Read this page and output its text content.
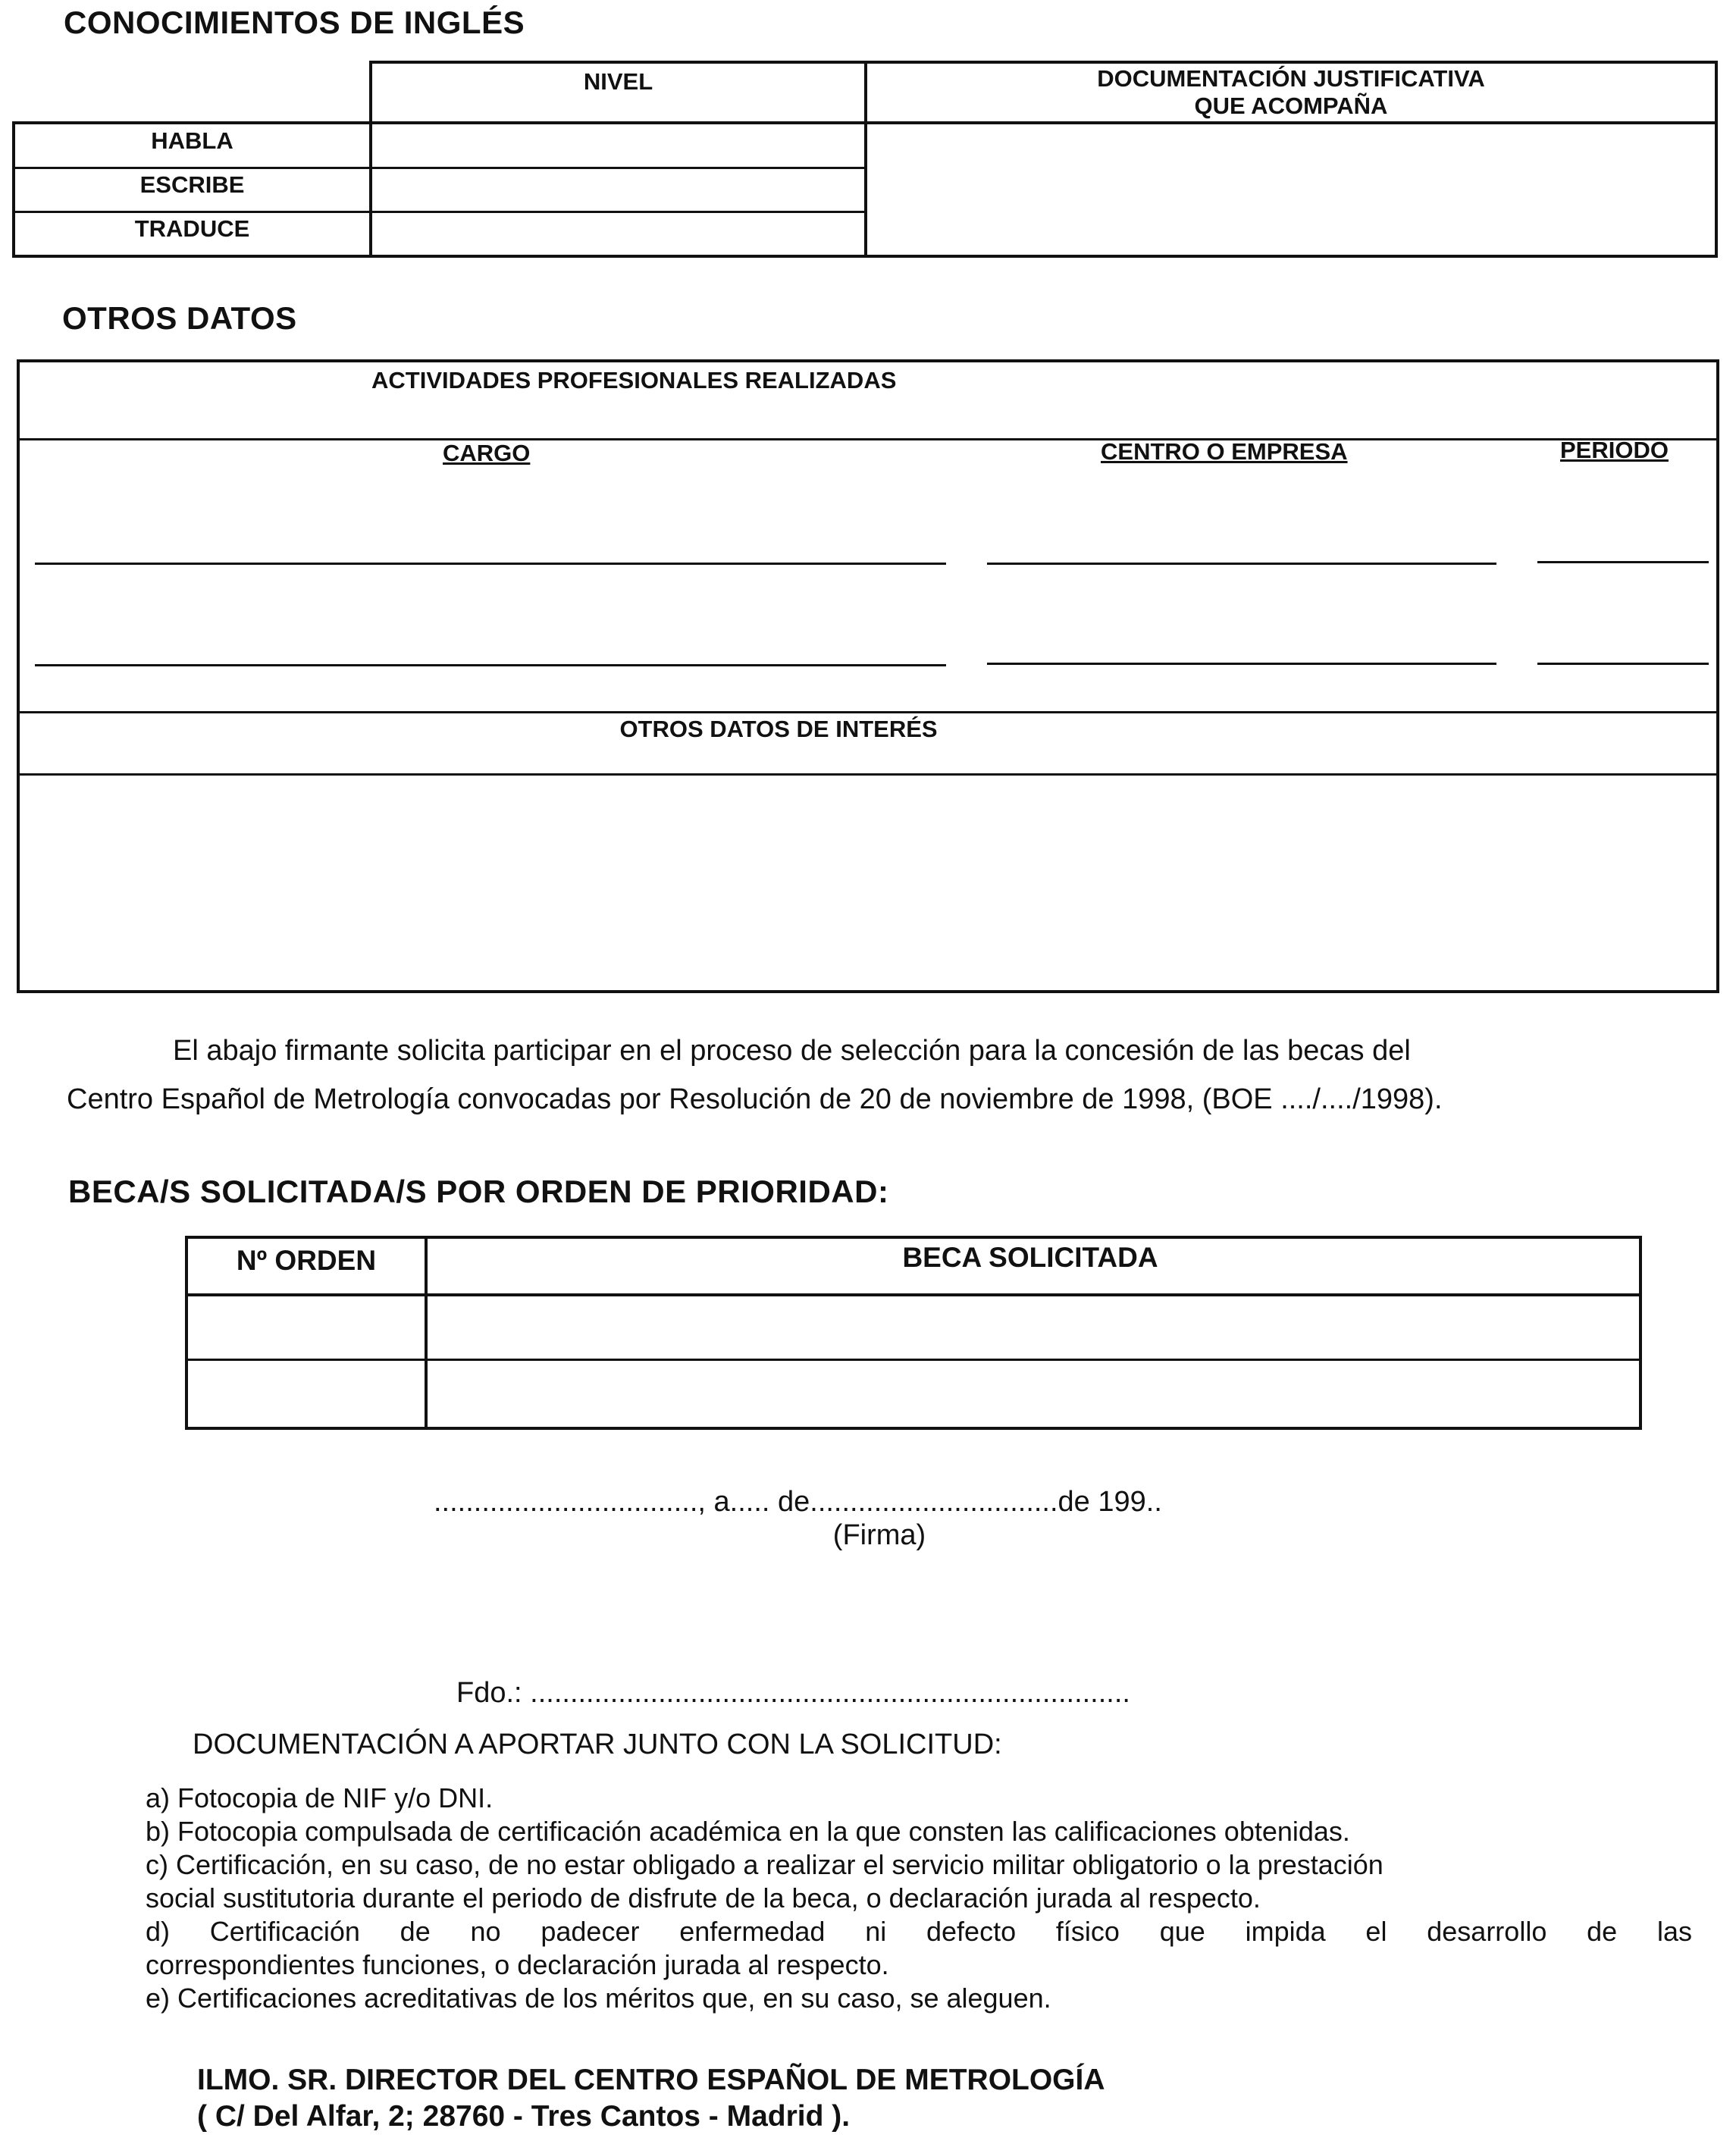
CONOCIMIENTOS DE INGLÉS
NIVEL	DOCUMENTACIÓN JUSTIFICATIVA
QUE ACOMPAÑA
HABLA
ESCRIBE
TRADUCE
OTROS DATOS
ACTIVIDADES PROFESIONALES REALIZADAS
CARGO	CENTRO O EMPRESA	PERIODO
OTROS DATOS DE INTERÉS
El abajo firmante solicita participar en el proceso de selección para la concesión de las becas del
Centro Español de Metrología convocadas por Resolución de 20 de noviembre de 1998, (BOE ..../..../1998).
BECA/S SOLICITADA/S POR ORDEN DE PRIORIDAD:
Nº ORDEN	BECA SOLICITADA
................................., a..... de...............................de 199..
(Firma)
Fdo.: ...........................................................................
DOCUMENTACIÓN A APORTAR JUNTO CON LA SOLICITUD:
a) Fotocopia de NIF y/o DNI.
b) Fotocopia compulsada de certificación académica en la que consten las calificaciones obtenidas.
c) Certificación, en su caso, de no estar obligado a realizar el servicio militar obligatorio o la prestación
social sustitutoria durante el periodo de disfrute de la beca, o declaración jurada al respecto.
d) Certificación de no padecer enfermedad ni defecto físico que impida el desarrollo de las
correspondientes funciones, o declaración jurada al respecto.
e) Certificaciones acreditativas de los méritos que, en su caso, se aleguen.
ILMO. SR. DIRECTOR DEL CENTRO ESPAÑOL DE METROLOGÍA
( C/ Del Alfar, 2; 28760 - Tres Cantos - Madrid ).
